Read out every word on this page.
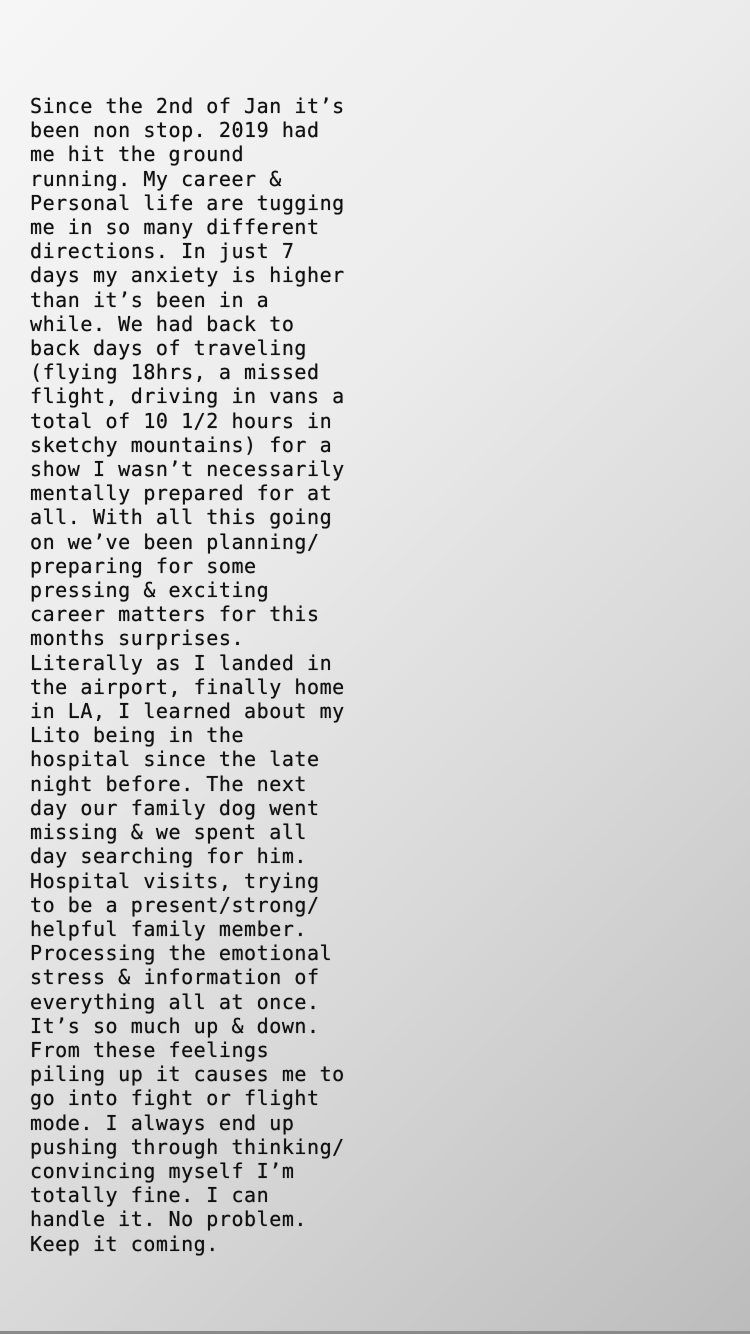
Since the 2nd of Jan it’s
been non stop. 2019 had
me hit the ground
running. My career &
Personal life are tugging
me in so many different
directions. In just 7
days my anxiety is higher
than it’s been in a
while. We had back to
back days of traveling
(flying 18hrs, a missed
flight, driving in vans a
total of 10 1/2 hours in
sketchy mountains) for a
show I wasn’t necessarily
mentally prepared for at
all. With all this going
on we’ve been planning/
preparing for some
pressing & exciting
career matters for this
months surprises.
Literally as I landed in
the airport, finally home
in LA, I learned about my
Lito being in the
hospital since the late
night before. The next
day our family dog went
missing & we spent all
day searching for him.
Hospital visits, trying
to be a present/strong/
helpful family member.
Processing the emotional
stress & information of
everything all at once.
It’s so much up & down.
From these feelings
piling up it causes me to
go into fight or flight
mode. I always end up
pushing through thinking/
convincing myself I’m
totally fine. I can
handle it. No problem.
Keep it coming.
